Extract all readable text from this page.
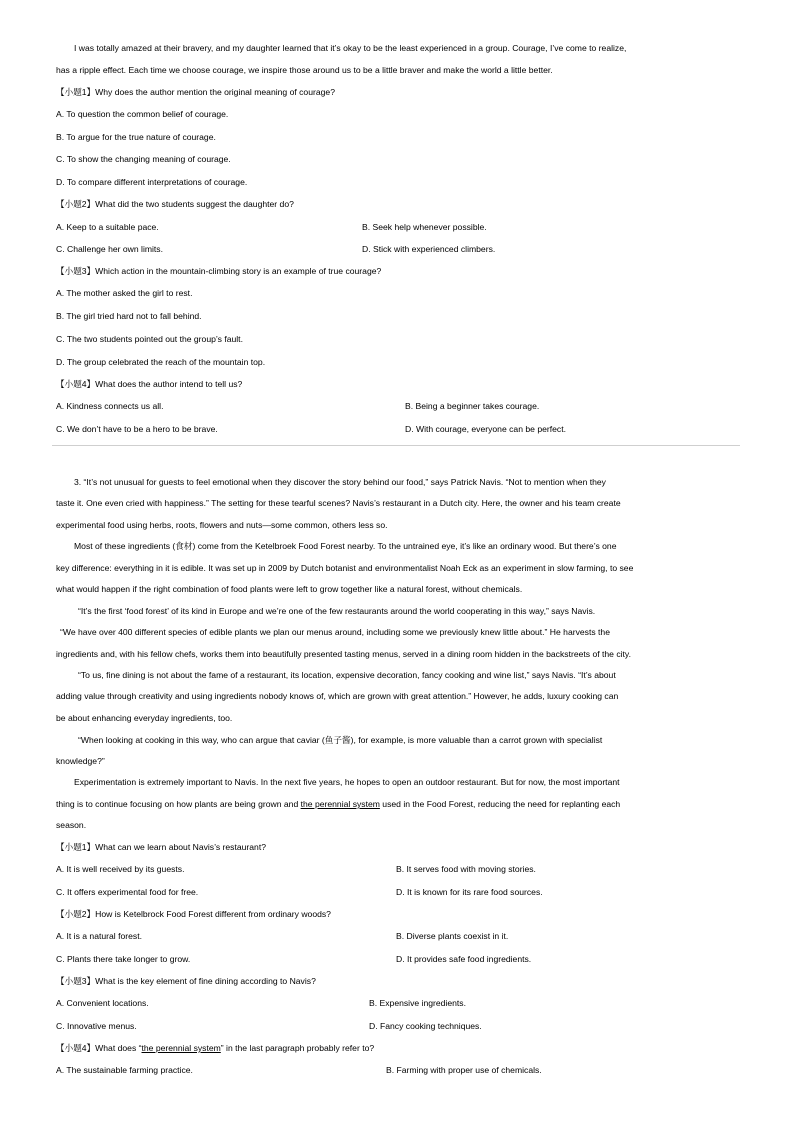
I was totally amazed at their bravery, and my daughter learned that it’s okay to be the least experienced in a group. Courage, I’ve come to realize,
has a ripple effect. Each time we choose courage, we inspire those around us to be a little braver and make the world a little better.
【小题1】Why does the author mention the original meaning of courage?
A. To question the common belief of courage.
B. To argue for the true nature of courage.
C. To show the changing meaning of courage.
D. To compare different interpretations of courage.
【小题2】What did the two students suggest the daughter do?
A. Keep to a suitable pace.	B. Seek help whenever possible.
C. Challenge her own limits.	D. Stick with experienced climbers.
【小题3】Which action in the mountain-climbing story is an example of true courage?
A. The mother asked the girl to rest.
B. The girl tried hard not to fall behind.
C. The two students pointed out the group’s fault.
D. The group celebrated the reach of the mountain top.
【小题4】What does the author intend to tell us?
A. Kindness connects us all.	B. Being a beginner takes courage.
C. We don’t have to be a hero to be brave.	D. With courage, everyone can be perfect.
3. “It’s not unusual for guests to feel emotional when they discover the story behind our food,” says Patrick Navis. “Not to mention when they
taste it. One even cried with happiness.” The setting for these tearful scenes? Navis’s restaurant in a Dutch city. Here, the owner and his team create
experimental food using herbs, roots, flowers and nuts—some common, others less so.
Most of these ingredients (食材) come from the Ketelbroek Food Forest nearby. To the untrained eye, it’s like an ordinary wood. But there’s one
key difference: everything in it is edible. It was set up in 2009 by Dutch botanist and environmentalist Noah Eck as an experiment in slow farming, to see
what would happen if the right combination of food plants were left to grow together like a natural forest, without chemicals.
“It’s the first ‘food forest’ of its kind in Europe and we’re one of the few restaurants around the world cooperating in this way,” says Navis.
“We have over 400 different species of edible plants we plan our menus around, including some we previously knew little about.” He harvests the
ingredients and, with his fellow chefs, works them into beautifully presented tasting menus, served in a dining room hidden in the backstreets of the city.
“To us, fine dining is not about the fame of a restaurant, its location, expensive decoration, fancy cooking and wine list,” says Navis. “It’s about
adding value through creativity and using ingredients nobody knows of, which are grown with great attention.” However, he adds, luxury cooking can
be about enhancing everyday ingredients, too.
“When looking at cooking in this way, who can argue that caviar (鱼子酱), for example, is more valuable than a carrot grown with specialist
knowledge?”
Experimentation is extremely important to Navis. In the next five years, he hopes to open an outdoor restaurant. But for now, the most important
thing is to continue focusing on how plants are being grown and the perennial system used in the Food Forest, reducing the need for replanting each
season.
【小题1】What can we learn about Navis’s restaurant?
A. It is well received by its guests.	B. It serves food with moving stories.
C. It offers experimental food for free.	D. It is known for its rare food sources.
【小题2】How is Ketelbrock Food Forest different from ordinary woods?
A. It is a natural forest.	B. Diverse plants coexist in it.
C. Plants there take longer to grow.	D. It provides safe food ingredients.
【小题3】What is the key element of fine dining according to Navis?
A. Convenient locations.	B. Expensive ingredients.
C. Innovative menus.	D. Fancy cooking techniques.
【小题4】What does “the perennial system” in the last paragraph probably refer to?
A. The sustainable farming practice.	B. Farming with proper use of chemicals.
